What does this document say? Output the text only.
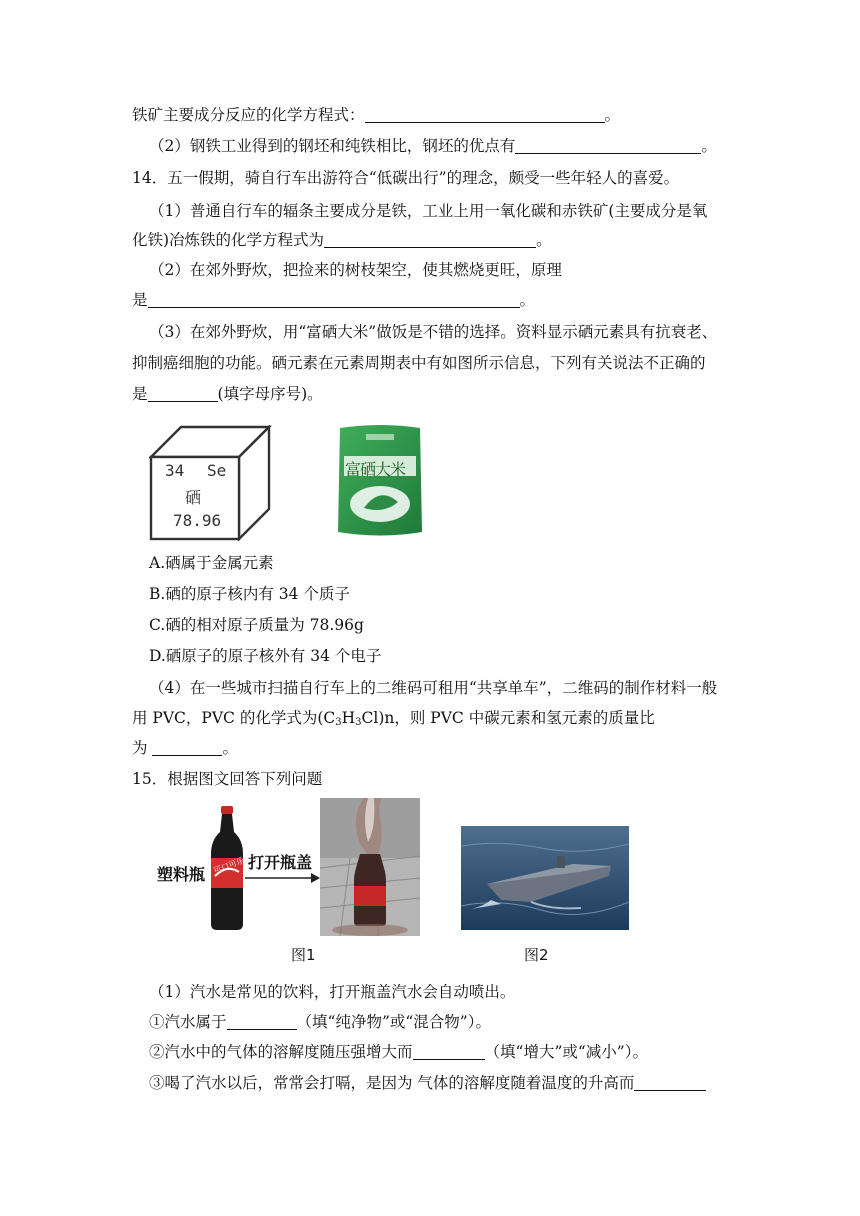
铁矿主要成分反应的化学方程式：	。
（2）钢铁工业得到的钢坯和纯铁相比，钢坯的优点有	。
14．五一假期，骑自行车出游符合“低碳出行”的理念，颇受一些年轻人的喜爱。
（1）普通自行车的辐条主要成分是铁，工业上用一氧化碳和赤铁矿(主要成分是氧
化铁)冶炼铁的化学方程式为	。
（2）在郊外野炊，把捡来的树枝架空，使其燃烧更旺，原理
是	。
（3）在郊外野炊，用“富硒大米”做饭是不错的选择。资料显示硒元素具有抗衰老、
抑制癌细胞的功能。硒元素在元素周期表中有如图所示信息，下列有关说法不正确的
是	(填字母序号)。
34 Se
硒
78.96
富硒大米
A.硒属于金属元素
B.硒的原子核内有 34 个质子
C.硒的相对原子质量为 78.96g
D.硒原子的原子核外有 34 个电子
（4）在一些城市扫描自行车上的二维码可租用“共享单车”，二维码的制作材料一般
用 PVC，PVC 的化学式为$(C_3H_3Cl)n$，则 PVC 中碳元素和氢元素的质量比
为	。
15．根据图文回答下列问题
可口可乐
塑料瓶
打开瓶盖
图1	图2
（1）汽水是常见的饮料，打开瓶盖汽水会自动喷出。
①汽水属于	（填“纯净物”或“混合物”）。
②汽水中的气体的溶解度随压强增大而	（填“增大”或“减小”）。
③喝了汽水以后，常常会打嗝，是因为 气体的溶解度随着温度的升高而
